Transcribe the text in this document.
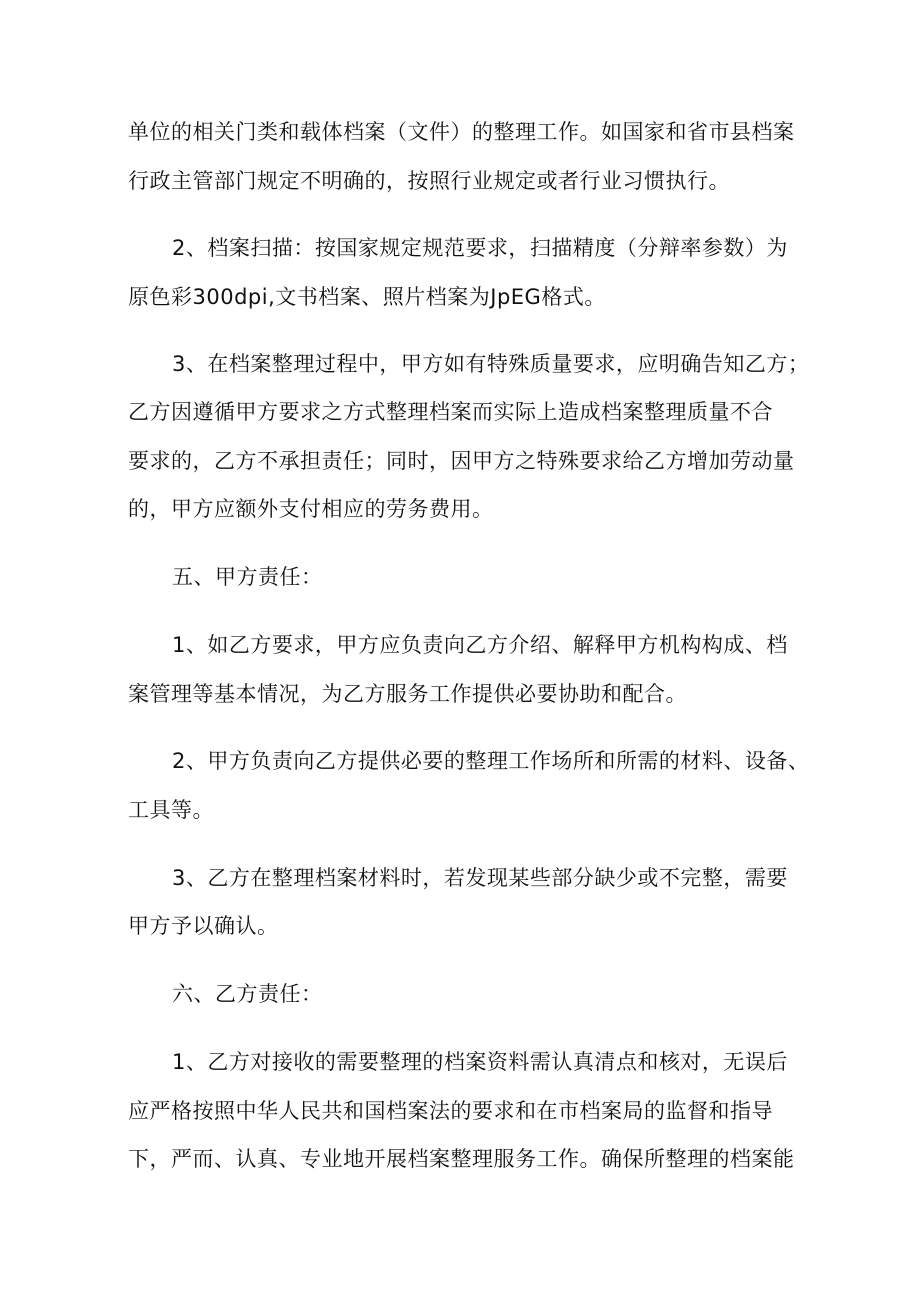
单位的相关门类和载体档案（文件）的整理工作。如国家和省市县档案
行政主管部门规定不明确的，按照行业规定或者行业习惯执行。
2、档案扫描：按国家规定规范要求，扫描精度（分辩率参数）为
原色彩300dpi,文书档案、照片档案为JpEG格式。
3、在档案整理过程中，甲方如有特殊质量要求，应明确告知乙方；
乙方因遵循甲方要求之方式整理档案而实际上造成档案整理质量不合
要求的，乙方不承担责任；同时，因甲方之特殊要求给乙方增加劳动量
的，甲方应额外支付相应的劳务费用。
五、甲方责任：
1、如乙方要求，甲方应负责向乙方介绍、解释甲方机构构成、档
案管理等基本情况，为乙方服务工作提供必要协助和配合。
2、甲方负责向乙方提供必要的整理工作场所和所需的材料、设备、
工具等。
3、乙方在整理档案材料时，若发现某些部分缺少或不完整，需要
甲方予以确认。
六、乙方责任：
1、乙方对接收的需要整理的档案资料需认真清点和核对，无误后
应严格按照中华人民共和国档案法的要求和在市档案局的监督和指导
下，严而、认真、专业地开展档案整理服务工作。确保所整理的档案能
